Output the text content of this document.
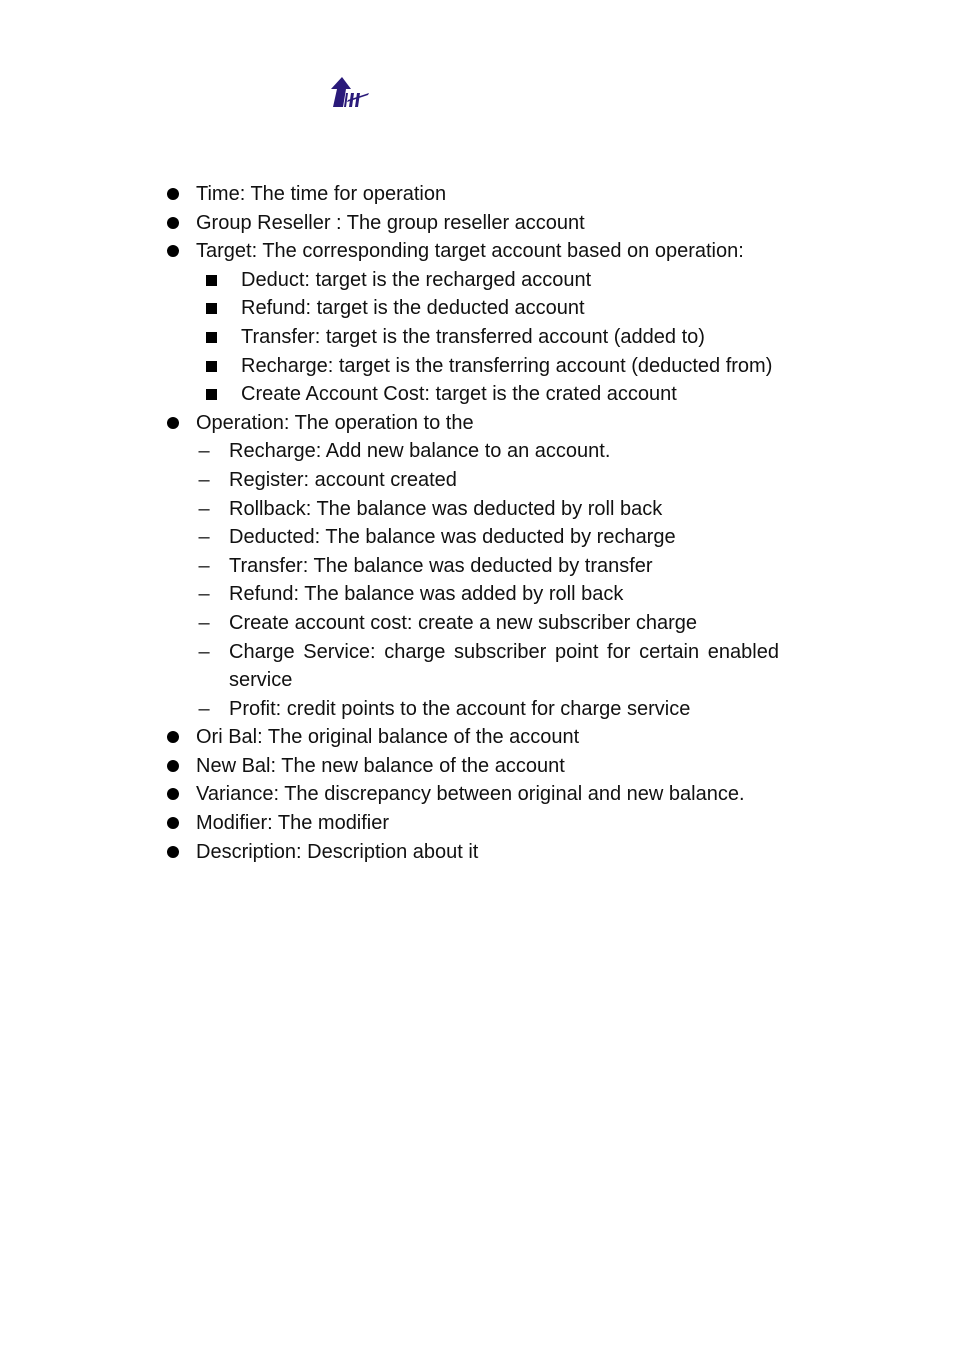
Time: The time for operation
Group Reseller : The group reseller account
Target: The corresponding target account based on operation:
Deduct: target is the recharged account
Refund: target is the deducted account
Transfer: target is the transferred account (added to)
Recharge: target is the transferring account (deducted from)
Create Account Cost: target is the crated account
Operation: The operation to the
– Recharge: Add new balance to an account.
– Register: account created
– Rollback: The balance was deducted by roll back
– Deducted: The balance was deducted by recharge
– Transfer: The balance was deducted by transfer
– Refund: The balance was added by roll back
– Create account cost: create a new subscriber charge
– Charge Service: charge subscriber point for certain enabled service
– Profit: credit points to the account for charge service
Ori Bal: The original balance of the account
New Bal: The new balance of the account
Variance: The discrepancy between original and new balance.
Modifier: The modifier
Description: Description about it
